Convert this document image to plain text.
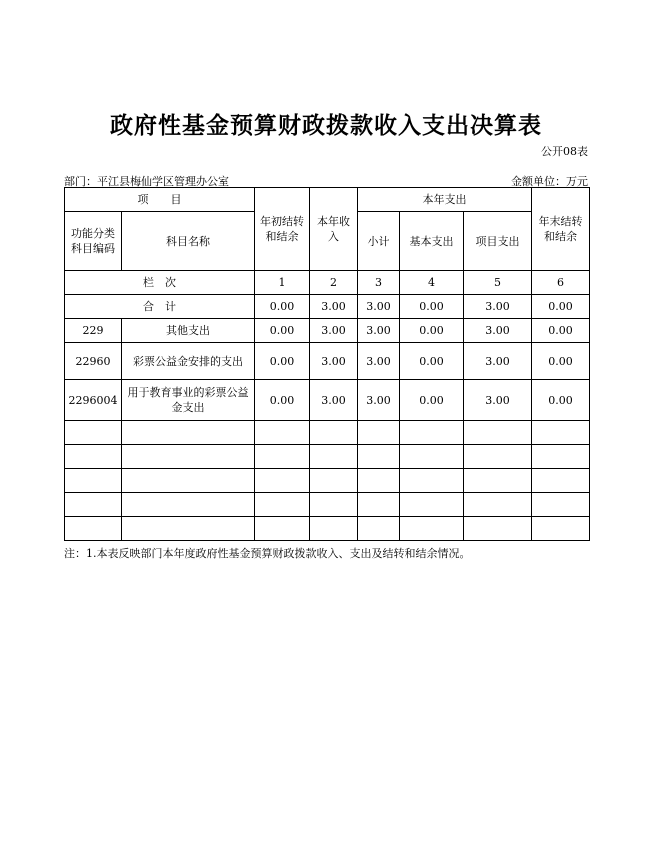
政府性基金预算财政拨款收入支出决算表
公开08表
部门：平江县梅仙学区管理办公室	金额单位：万元
项　　目		年初结转和结余	本年收入	本年支出			年末结转和结余
功能分类科目编码	科目名称			小计	基本支出	项目支出	
栏　次		1	2	3	4	5	6
合　计		0.00	3.00	3.00	0.00	3.00	0.00
229	其他支出	0.00	3.00	3.00	0.00	3.00	0.00
22960	彩票公益金安排的支出	0.00	3.00	3.00	0.00	3.00	0.00
2296004	用于教育事业的彩票公益金支出	0.00	3.00	3.00	0.00	3.00	0.00

注：1.本表反映部门本年度政府性基金预算财政拨款收入、支出及结转和结余情况。
